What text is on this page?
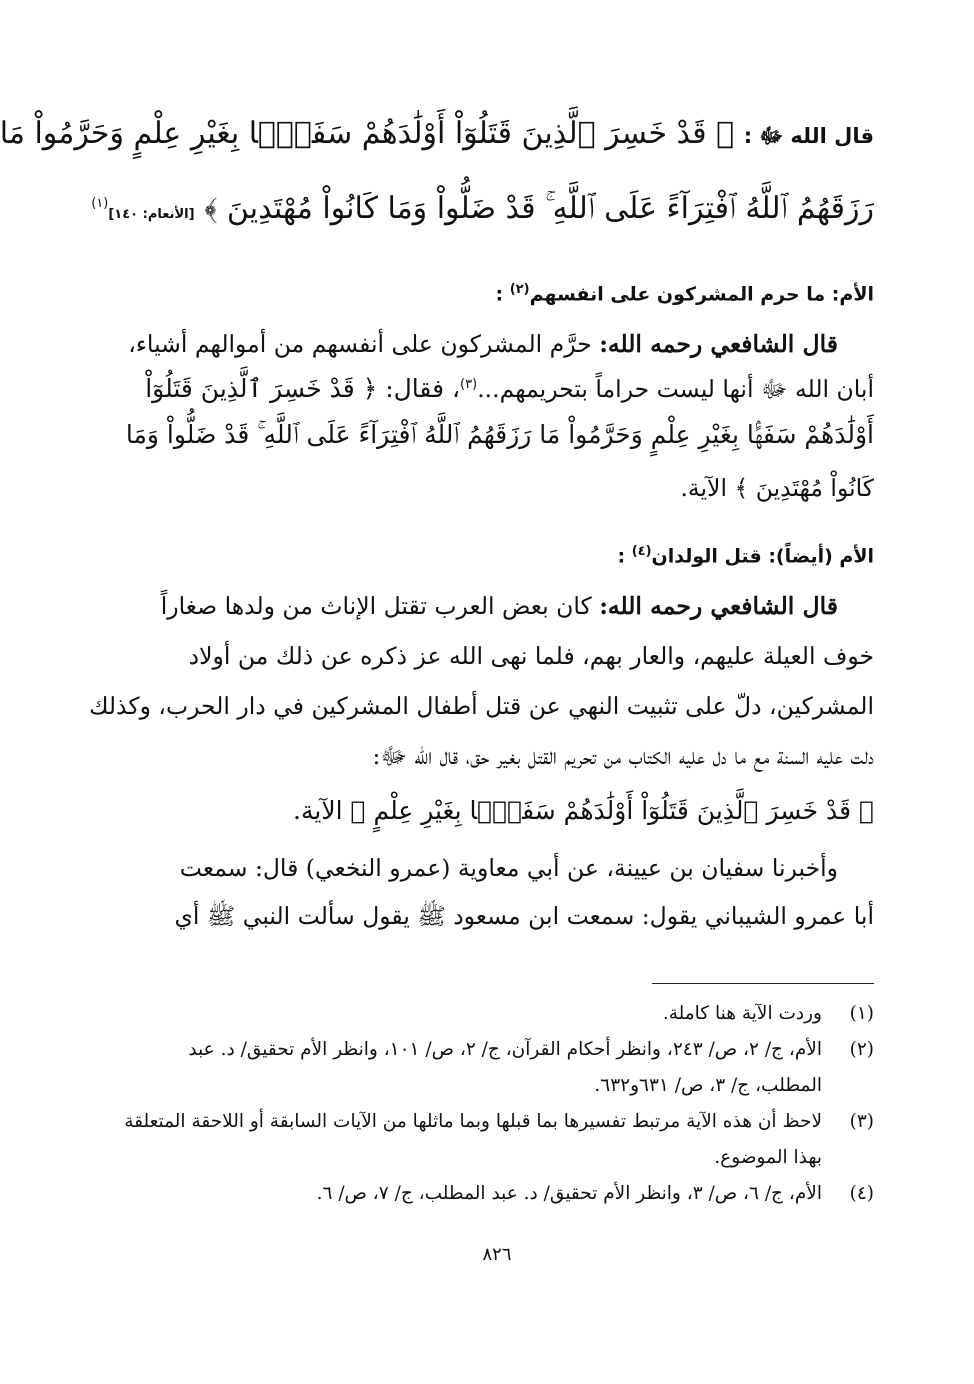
قال الله ﷻ : ﴿ قَدْ خَسِرَ ٱلَّذِينَ قَتَلُوٓاْ أَوْلَٰدَهُمْ سَفَهًۢا بِغَيْرِ عِلْمٍ وَحَرَّمُواْ مَا
رَزَقَهُمُ ٱللَّهُ ٱفْتِرَآءً عَلَى ٱللَّهِ ۚ قَدْ ضَلُّواْ وَمَا كَانُواْ مُهْتَدِينَ ﴾ [الأنعام: ١٤٠]$^{(١)}$
الأم: ما حرم المشركون على انفسهم$^{(٢)}$ :
قال الشافعي رحمه الله: حرَّم المشركون على أنفسهم من أموالهم أشياء،
أبان الله ﷻ أنها ليست حراماً بتحريمهم...$^{(٣)}$، فقال: ﴿ قَدْ خَسِرَ ٱلَّذِينَ قَتَلُوٓاْ
أَوْلَٰدَهُمْ سَفَهًۢا بِغَيْرِ عِلْمٍ وَحَرَّمُواْ مَا رَزَقَهُمُ ٱللَّهُ ٱفْتِرَآءً عَلَى ٱللَّهِ ۚ قَدْ ضَلُّواْ وَمَا
كَانُواْ مُهْتَدِينَ ﴾ الآية.
الأم (أيضاً): قتل الولدان$^{(٤)}$ :
قال الشافعي رحمه الله: كان بعض العرب تقتل الإناث من ولدها صغاراً
خوف العيلة عليهم، والعار بهم، فلما نهى الله عز ذكره عن ذلك من أولاد
المشركين، دلّ على تثبيت النهي عن قتل أطفال المشركين في دار الحرب، وكذلك
دلت عليه السنة مع ما دل عليه الكتاب من تحريم القتل بغير حق، قال الله ﷻ:
﴿ قَدْ خَسِرَ ٱلَّذِينَ قَتَلُوٓاْ أَوْلَٰدَهُمْ سَفَهًۢا بِغَيْرِ عِلْمٍ ﴾ الآية.
وأخبرنا سفيان بن عيينة، عن أبي معاوية (عمرو النخعي) قال: سمعت
أبا عمرو الشيباني يقول: سمعت ابن مسعود ﷺ يقول سألت النبي ﷺ أي
(١)وردت الآية هنا كاملة.
(٢)الأم، ج/ ٢، ص/ ٢٤٣، وانظر أحكام القرآن، ج/ ٢، ص/ ١٠١، وانظر الأم تحقيق/ د. عبد المطلب، ج/ ٣، ص/ ٦٣١و٦٣٢.
(٣)لاحظ أن هذه الآية مرتبط تفسيرها بما قبلها وبما ماثلها من الآيات السابقة أو اللاحقة المتعلقة بهذا الموضوع.
(٤)الأم، ج/ ٦، ص/ ٣، وانظر الأم تحقيق/ د. عبد المطلب، ج/ ٧، ص/ ٦.
٨٢٦
